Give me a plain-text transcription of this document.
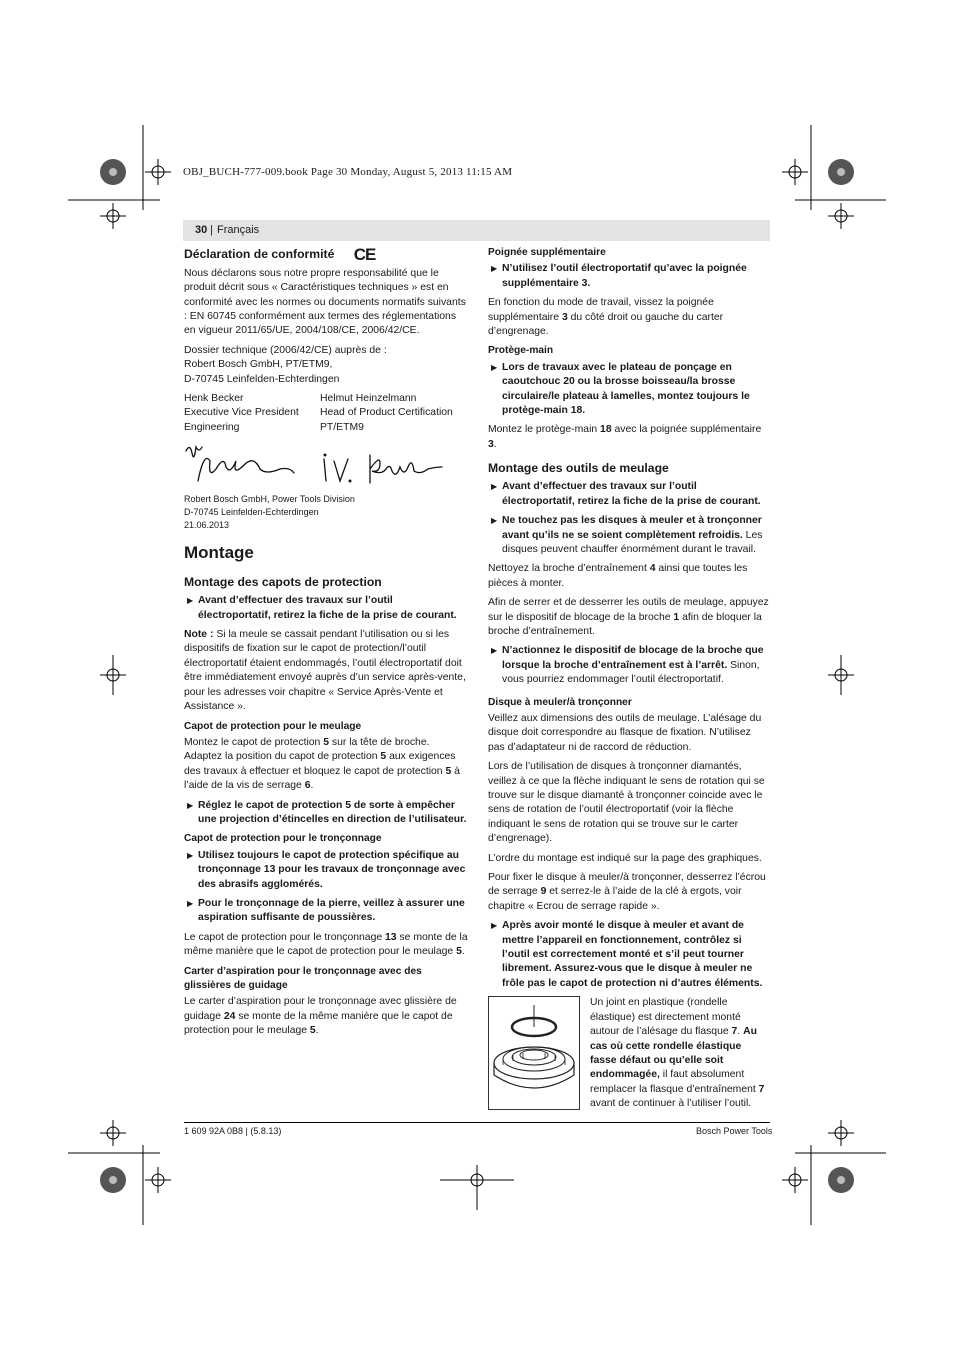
OBJ_BUCH-777-009.book Page 30 Monday, August 5, 2013 11:15 AM
30 | Français
Déclaration de conformité CE

Nous déclarons sous notre propre responsabilité que le produit décrit sous « Caractéristiques techniques » est en conformité avec les normes ou documents normatifs suivants : EN 60745 conformément aux termes des réglementations en vigueur 2011/65/UE, 2004/108/CE, 2006/42/CE.

Dossier technique (2006/42/CE) auprès de :
Robert Bosch GmbH, PT/ETM9,
D-70745 Leinfelden-Echterdingen

Henk Becker
Executive Vice President
Engineering
Helmut Heinzelmann
Head of Product Certification
PT/ETM9
Robert Bosch GmbH, Power Tools Division
D-70745 Leinfelden-Echterdingen
21.06.2013
Montage
Montage des capots de protection
▶ Avant d’effectuer des travaux sur l’outil électroportatif, retirez la fiche de la prise de courant.

Note : Si la meule se cassait pendant l’utilisation ou si les dispositifs de fixation sur le capot de protection/l’outil électroportatif étaient endommagés, l’outil électroportatif doit être immédiatement envoyé auprès d’un service après-vente, pour les adresses voir chapitre « Service Après-Vente et Assistance ».

Capot de protection pour le meulage

Montez le capot de protection 5 sur la tête de broche. Adaptez la position du capot de protection 5 aux exigences des travaux à effectuer et bloquez le capot de protection 5 à l’aide de la vis de serrage 6.

▶ Réglez le capot de protection 5 de sorte à empêcher une projection d’étincelles en direction de l’utilisateur.
Capot de protection pour le tronçonnage
▶ Utilisez toujours le capot de protection spécifique au tronçonnage 13 pour les travaux de tronçonnage avec des abrasifs agglomérés.
▶ Pour le tronçonnage de la pierre, veillez à assurer une aspiration suffisante de poussières.

Le capot de protection pour le tronçonnage 13 se monte de la même manière que le capot de protection pour le meulage 5.

Carter d’aspiration pour le tronçonnage avec des glissières de guidage

Le carter d’aspiration pour le tronçonnage avec glissière de guidage 24 se monte de la même manière que le capot de protection pour le meulage 5.

Poignée supplémentaire
▶ N’utilisez l’outil électroportatif qu’avec la poignée supplémentaire 3.

En fonction du mode de travail, vissez la poignée supplémentaire 3 du côté droit ou gauche du carter d’engrenage.

Protège-main
▶ Lors de travaux avec le plateau de ponçage en caoutchouc 20 ou la brosse boisseau/la brosse circulaire/le plateau à lamelles, montez toujours le protège-main 18.

Montez le protège-main 18 avec la poignée supplémentaire 3.

Montage des outils de meulage
▶ Avant d’effectuer des travaux sur l’outil électroportatif, retirez la fiche de la prise de courant.
▶ Ne touchez pas les disques à meuler et à tronçonner avant qu’ils ne se soient complètement refroidis. Les disques peuvent chauffer énormément durant le travail.

Nettoyez la broche d’entraînement 4 ainsi que toutes les pièces à monter.

Afin de serrer et de desserrer les outils de meulage, appuyez sur le dispositif de blocage de la broche 1 afin de bloquer la broche d’entraînement.

▶ N’actionnez le dispositif de blocage de la broche que lorsque la broche d’entraînement est à l’arrêt. Sinon, vous pourriez endommager l’outil électroportatif.
Disque à meuler/à tronçonner

Veillez aux dimensions des outils de meulage. L’alésage du disque doit correspondre au flasque de fixation. N’utilisez pas d’adaptateur ni de raccord de réduction.

Lors de l’utilisation de disques à tronçonner diamantés, veillez à ce que la flèche indiquant le sens de rotation qui se trouve sur le disque diamanté à tronçonner coincide avec le sens de rotation de l’outil électroportatif (voir la flèche indiquant le sens de rotation qui se trouve sur le carter d’engrenage).

L’ordre du montage est indiqué sur la page des graphiques.

Pour fixer le disque à meuler/à tronçonner, desserrez l’écrou de serrage 9 et serrez-le à l’aide de la clé à ergots, voir chapitre « Ecrou de serrage rapide ».

▶ Après avoir monté le disque à meuler et avant de mettre l’appareil en fonctionnement, contrôlez si l’outil est correctement monté et s’il peut tourner librement. Assurez-vous que le disque à meuler ne frôle pas le capot de protection ni d’autres éléments.

Un joint en plastique (rondelle élastique) est directement monté autour de l’alésage du flasque 7. Au cas où cette rondelle élastique fasse défaut ou qu’elle soit endommagée, il faut absolument remplacer la flasque d’entraînement 7 avant de continuer à l’utiliser l’outil.

1 609 92A 0B8 | (5.8.13)	Bosch Power Tools
